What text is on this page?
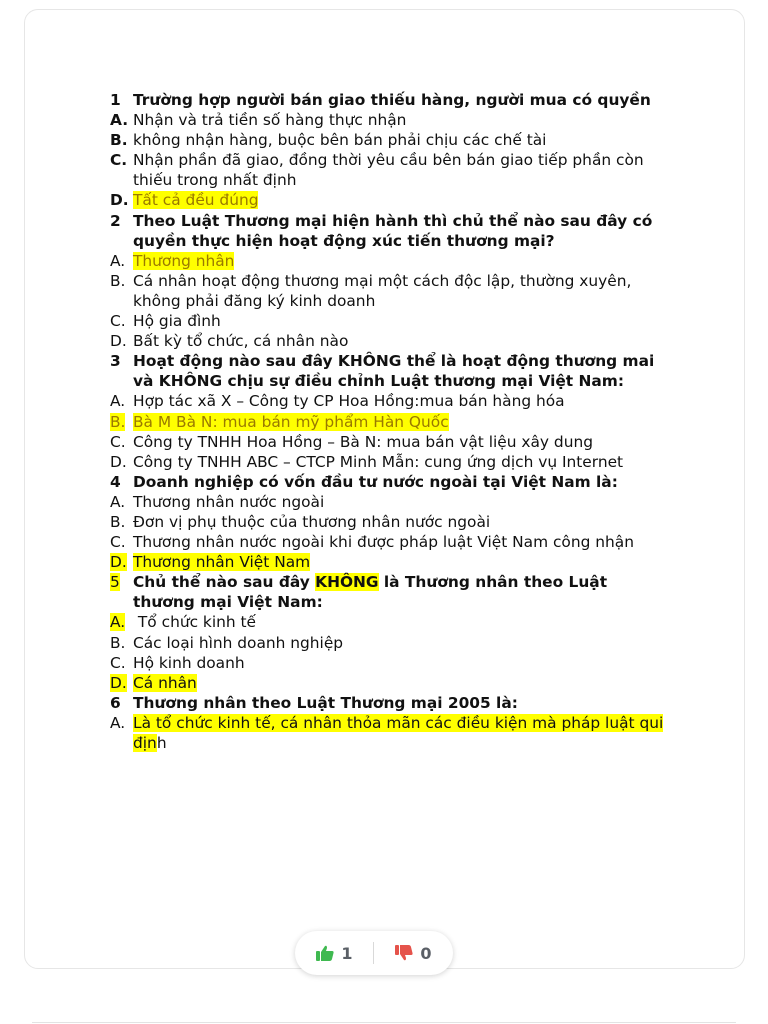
1 Trường hợp người bán giao thiếu hàng, người mua có quyền
A. Nhận và trả tiền số hàng thực nhận
B. không nhận hàng, buộc bên bán phải chịu các chế tài
C. Nhận phần đã giao, đồng thời yêu cầu bên bán giao tiếp phần còn thiếu trong nhất định
D. Tất cả đều đúng
2 Theo Luật Thương mại hiện hành thì chủ thể nào sau đây có quyền thực hiện hoạt động xúc tiến thương mại?
A. Thương nhân
B. Cá nhân hoạt động thương mại một cách độc lập, thường xuyên, không phải đăng ký kinh doanh
C. Hộ gia đình
D. Bất kỳ tổ chức, cá nhân nào
3 Hoạt động nào sau đây KHÔNG thể là hoạt động thương mai và KHÔNG chịu sự điều chỉnh Luật thương mại Việt Nam:
A. Hợp tác xã X – Công ty CP Hoa Hồng:mua bán hàng hóa
B. Bà M Bà N: mua bán mỹ phẩm Hàn Quốc
C. Công ty TNHH Hoa Hồng – Bà N: mua bán vật liệu xây dung
D. Công ty TNHH ABC – CTCP Minh Mẫn: cung ứng dịch vụ Internet
4 Doanh nghiệp có vốn đầu tư nước ngoài tại Việt Nam là:
A. Thương nhân nước ngoài
B. Đơn vị phụ thuộc của thương nhân nước ngoài
C. Thương nhân nước ngoài khi được pháp luật Việt Nam công nhận
D. Thương nhân Việt Nam
5 Chủ thể nào sau đây KHÔNG là Thương nhân theo Luật thương mại Việt Nam:
A. Tổ chức kinh tế
B. Các loại hình doanh nghiệp
C. Hộ kinh doanh
D. Cá nhân
6 Thương nhân theo Luật Thương mại 2005 là:
A. Là tổ chức kinh tế, cá nhân thỏa mãn các điều kiện mà pháp luật qui định
1	0
